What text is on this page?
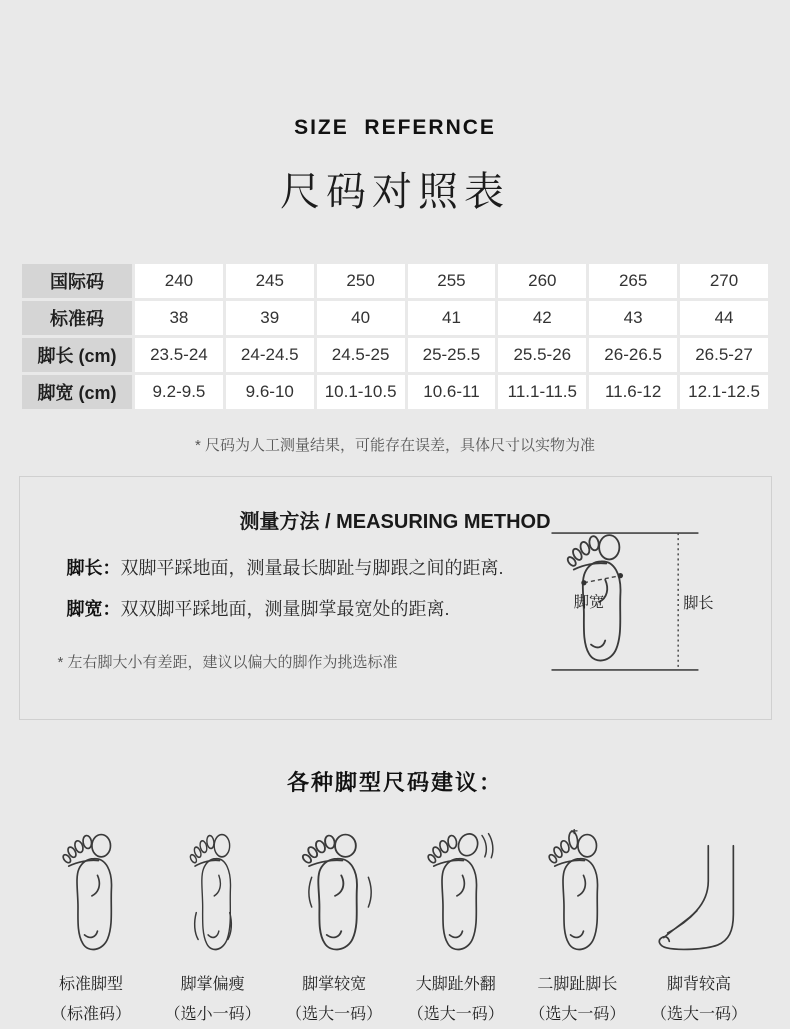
SIZE  REFERNCE
尺码对照表
国际码	240	245	250	255	260	265	270
标准码	38	39	40	41	42	43	44
脚长 (cm)	23.5-24	24-24.5	24.5-25	25-25.5	25.5-26	26-26.5	26.5-27
脚宽 (cm)	9.2-9.5	9.6-10	10.1-10.5	10.6-11	11.1-11.5	11.6-12	12.1-12.5
* 尺码为人工测量结果，可能存在误差，具体尺寸以实物为准
测量方法 / MEASURING METHOD
脚长：双脚平踩地面，测量最长脚趾与脚跟之间的距离.
脚宽：双双脚平踩地面，测量脚掌最宽处的距离.
* 左右脚大小有差距，建议以偏大的脚作为挑选标准
脚宽	脚长
各种脚型尺码建议：
标准脚型
（标准码）
脚掌偏瘦
（选小一码）
脚掌较宽
（选大一码）
大脚趾外翻
（选大一码）
二脚趾脚长
（选大一码）
脚背较高
（选大一码）
